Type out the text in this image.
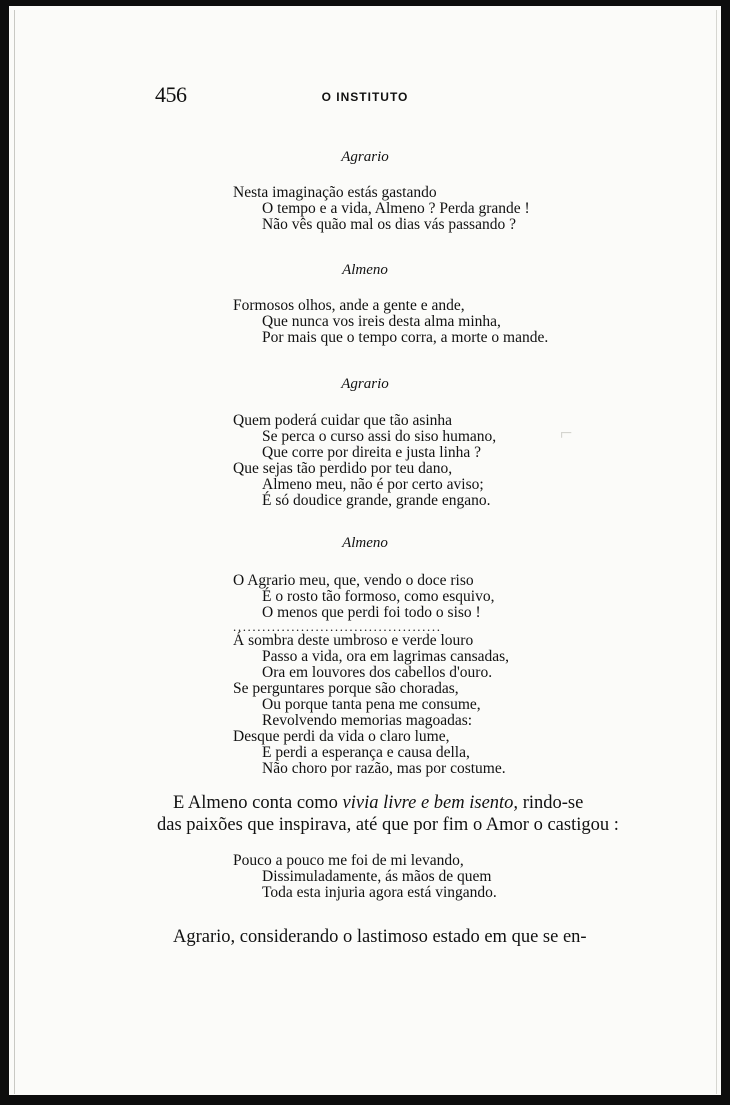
⌐
456	O INSTITUTO
Agrario
Nesta imaginação estás gastando
O tempo e a vida, Almeno ? Perda grande !
Não vês quão mal os dias vás passando ?
Almeno
Formosos olhos, ande a gente e ande,
Que nunca vos ireis desta alma minha,
Por mais que o tempo corra, a morte o mande.
Agrario
Quem poderá cuidar que tão asinha
Se perca o curso assi do siso humano,
Que corre por direita e justa linha ?
Que sejas tão perdido por teu dano,
Almeno meu, não é por certo aviso;
É só doudice grande, grande engano.
Almeno
O Agrario meu, que, vendo o doce riso
É o rosto tão formoso, como esquivo,
O menos que perdi foi todo o siso !
...........................................
Á sombra deste umbroso e verde louro
Passo a vida, ora em lagrimas cansadas,
Ora em louvores dos cabellos d'ouro.
Se perguntares porque são choradas,
Ou porque tanta pena me consume,
Revolvendo memorias magoadas:
Desque perdi da vida o claro lume,
E perdi a esperança e causa della,
Não choro por razão, mas por costume.
E Almeno conta como vivia livre e bem isento, rindo-se
das paixões que inspirava, até que por fim o Amor o castigou :
Pouco a pouco me foi de mi levando,
Dissimuladamente, ás mãos de quem
Toda esta injuria agora está vingando.
Agrario, considerando o lastimoso estado em que se en-
